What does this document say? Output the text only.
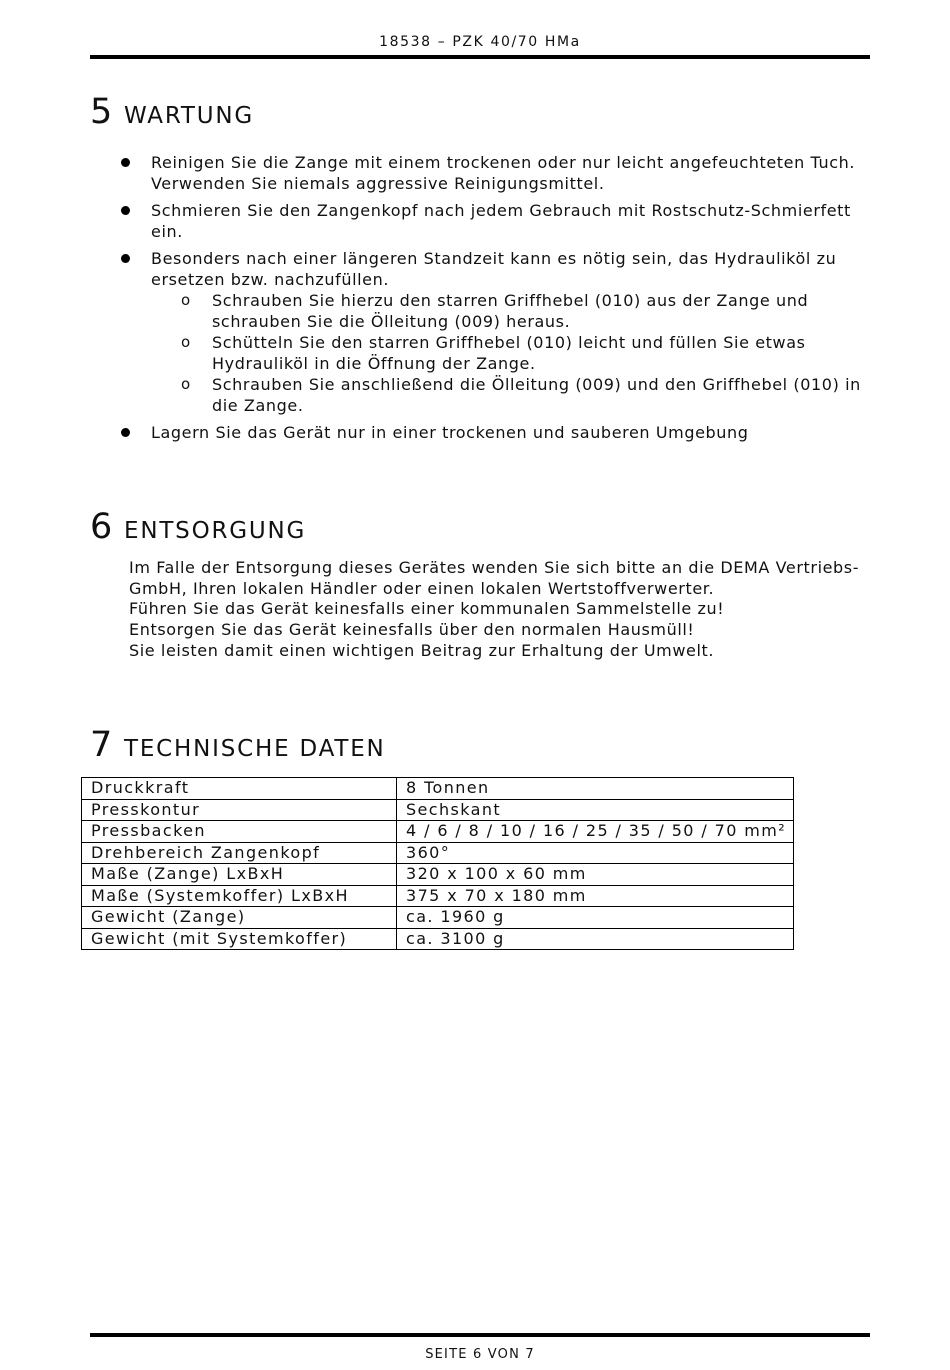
18538 – PZK 40/70 HMa
5 WARTUNG
Reinigen Sie die Zange mit einem trockenen oder nur leicht angefeuchteten Tuch. Verwenden Sie niemals aggressive Reinigungsmittel.
Schmieren Sie den Zangenkopf nach jedem Gebrauch mit Rostschutz-Schmierfett ein.
Besonders nach einer längeren Standzeit kann es nötig sein, das Hydrauliköl zu ersetzen bzw. nachzufüllen.
o Schrauben Sie hierzu den starren Griffhebel (010) aus der Zange und schrauben Sie die Ölleitung (009) heraus.
o Schütteln Sie den starren Griffhebel (010) leicht und füllen Sie etwas Hydrauliköl in die Öffnung der Zange.
o Schrauben Sie anschließend die Ölleitung (009) und den Griffhebel (010) in die Zange.
Lagern Sie das Gerät nur in einer trockenen und sauberen Umgebung
6 ENTSORGUNG

Im Falle der Entsorgung dieses Gerätes wenden Sie sich bitte an die DEMA Vertriebs-GmbH, Ihren lokalen Händler oder einen lokalen Wertstoffverwerter.

Führen Sie das Gerät keinesfalls einer kommunalen Sammelstelle zu!

Entsorgen Sie das Gerät keinesfalls über den normalen Hausmüll!

Sie leisten damit einen wichtigen Beitrag zur Erhaltung der Umwelt.

7 TECHNISCHE DATEN
Druckkraft	8 Tonnen
Presskontur	Sechskant
Pressbacken	4 / 6 / 8 / 10 / 16 / 25 / 35 / 50 / 70 mm²
Drehbereich Zangenkopf	360°
Maße (Zange) LxBxH	320 x 100 x 60 mm
Maße (Systemkoffer) LxBxH	375 x 70 x 180 mm
Gewicht (Zange)	ca. 1960 g
Gewicht (mit Systemkoffer)	ca. 3100 g
SEITE 6 VON 7
